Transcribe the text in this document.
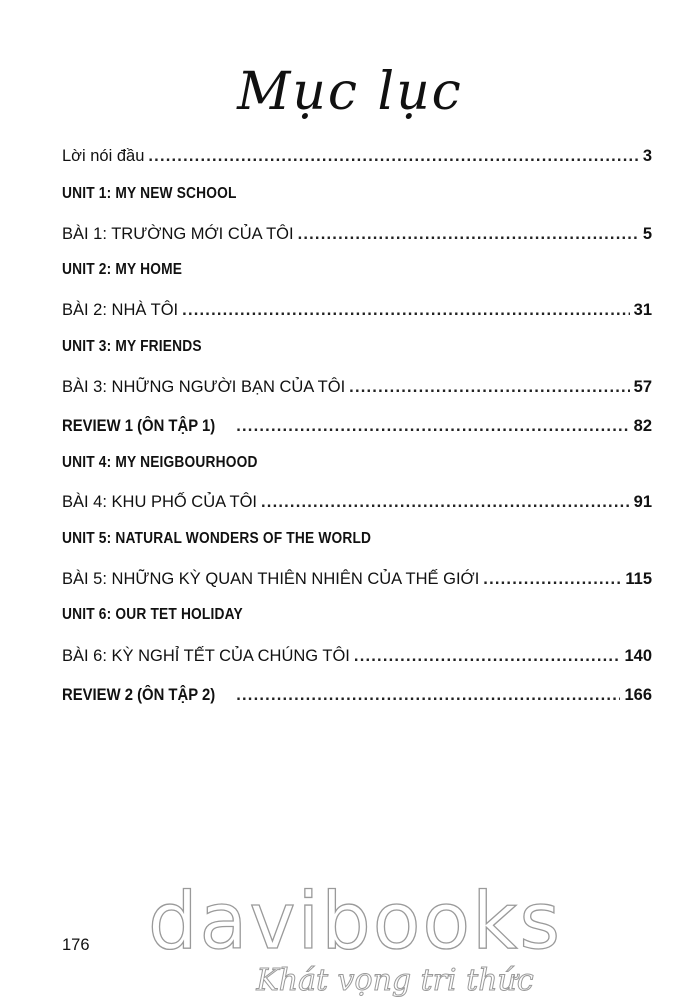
Mục lục
Lời nói đầu .....	3
UNIT 1: MY NEW SCHOOL
BÀI 1: TRƯỜNG MỚI CỦA TÔI .....	5
UNIT 2: MY HOME
BÀI 2: NHÀ TÔI .....	31
UNIT 3: MY FRIENDS
BÀI 3: NHỮNG NGƯỜI BẠN CỦA TÔI .....	57
REVIEW 1 (ÔN TẬP 1) .....	82
UNIT 4: MY NEIGBOURHOOD
BÀI 4: KHU PHỐ CỦA TÔI .....	91
UNIT 5: NATURAL WONDERS OF THE WORLD
BÀI 5: NHỮNG KỲ QUAN THIÊN NHIÊN CỦA THẾ GIỚI .....	115
UNIT 6: OUR TET HOLIDAY
BÀI 6: KỲ NGHỈ TẾT CỦA CHÚNG TÔI .....	140
REVIEW 2 (ÔN TẬP 2) .....	166
176 davibooks
Khát vọng tri thức
